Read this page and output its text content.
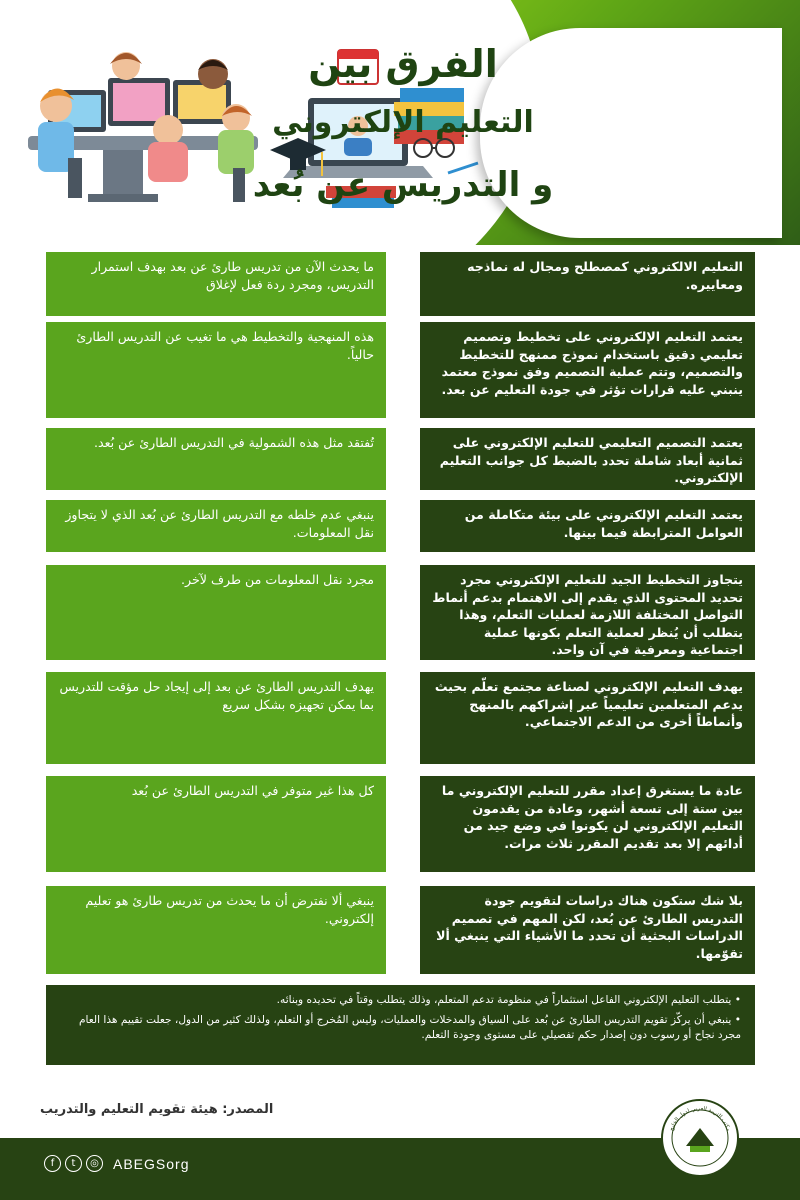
الفرق بين
التعليم الإلكتروني
و التدريس عن بُعد
التعليم الالكتروني كمصطلح ومجال له نماذجه ومعاييره.
ما يحدث الآن من تدريس طارئ عن بعد بهدف استمرار التدريس، ومجرد ردة فعل لإغلاق
يعتمد التعليم الإلكتروني على تخطيط وتصميم تعليمي دقيق باستخدام نموذج ممنهج للتخطيط والتصميم، وتتم عملية التصميم وفق نموذج معتمد ينبني عليه قرارات تؤثر في جودة التعليم عن بعد.
هذه المنهجية والتخطيط هي ما تغيب عن التدريس الطارئ حالياً.
يعتمد التصميم التعليمي للتعليم الإلكتروني على ثمانية أبعاد شاملة تحدد بالضبط كل جوانب التعليم الإلكتروني.
تُفتقد مثل هذه الشمولية في التدريس الطارئ عن بُعد.
يعتمد التعليم الإلكتروني على بيئة متكاملة من العوامل المترابطة فيما بينها.
ينبغي عدم خلطه مع التدريس الطارئ عن بُعد الذي لا يتجاوز نقل المعلومات.
يتجاوز التخطيط الجيد للتعليم الإلكتروني مجرد تحديد المحتوى الذي يقدم إلى الاهتمام بدعم أنماط التواصل المختلفة اللازمة لعمليات التعلم، وهذا يتطلب أن يُنظر لعملية التعلم بكونها عملية اجتماعية ومعرفية في آن واحد.
مجرد نقل المعلومات من طرف لآخر.
يهدف التعليم الإلكتروني لصناعة مجتمع تعلّم بحيث يدعم المتعلمين تعليمياً عبر إشراكهم بالمنهج وأنماطاً أخرى من الدعم الاجتماعي.
يهدف التدريس الطارئ عن بعد إلى إيجاد حل مؤقت للتدريس بما يمكن تجهيزه بشكل سريع
عادة ما يستغرق إعداد مقرر للتعليم الإلكتروني ما بين ستة إلى تسعة أشهر، وعادة من يقدمون التعليم الإلكتروني لن يكونوا في وضع جيد من أدائهم إلا بعد تقديم المقرر ثلاث مرات.
كل هذا غير متوفر في التدريس الطارئ عن بُعد
بلا شك ستكون هناك دراسات لتقويم جودة التدريس الطارئ عن بُعد، لكن المهم في تصميم الدراسات البحثية أن تحدد ما الأشياء التي ينبغي ألا تقوّمها.
ينبغي ألا نفترض أن ما يحدث من تدريس طارئ هو تعليم إلكتروني.

• يتطلب التعليم الإلكتروني الفاعل استثماراً في منظومة تدعم المتعلم، وذلك يتطلب وقتاً في تحديده وبنائه.

• ينبغي أن يركّز تقويم التدريس الطارئ عن بُعد على السياق والمدخلات والعمليات، وليس المُخرج أو التعلم، ولذلك كثير من الدول، جعلت تقييم هذا العام مجرد نجاح أو رسوب دون إصدار حكم تفصيلي على مستوى وجودة التعلم.

المصدر: هيئة تقويم التعليم والتدريب
f	t	◎ ABEGSorg
مكتب التربية العربي لدول الخليج
